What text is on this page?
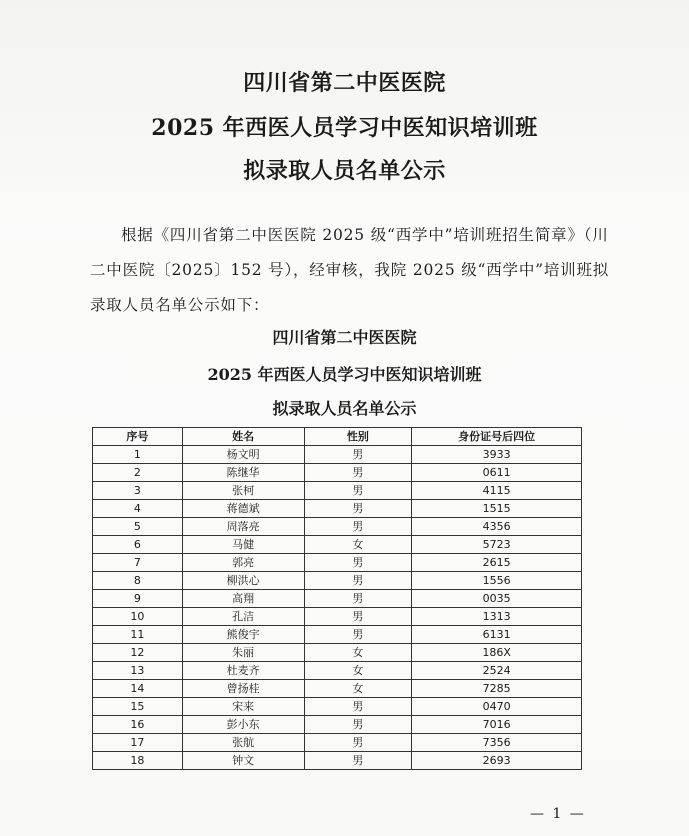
四川省第二中医医院
2025 年西医人员学习中医知识培训班
拟录取人员名单公示
根据《四川省第二中医医院 2025 级“西学中”培训班招生简章》（川二中医院〔2025〕152 号），经审核，我院 2025 级“西学中”培训班拟录取人员名单公示如下：
四川省第二中医医院
2025 年西医人员学习中医知识培训班
拟录取人员名单公示
序号	姓名	性别	身份证号后四位
1	杨文明	男	3933
2	陈继华	男	0611
3	张柯	男	4115
4	蒋德斌	男	1515
5	周落亮	男	4356
6	马健	女	5723
7	郭亮	男	2615
8	柳洪心	男	1556
9	高翔	男	0035
10	孔洁	男	1313
11	熊俊宇	男	6131
12	朱丽	女	186X
13	杜麦齐	女	2524
14	曾扬桂	女	7285
15	宋来	男	0470
16	彭小东	男	7016
17	张航	男	7356
18	钟文	男	2693
— 1 —
